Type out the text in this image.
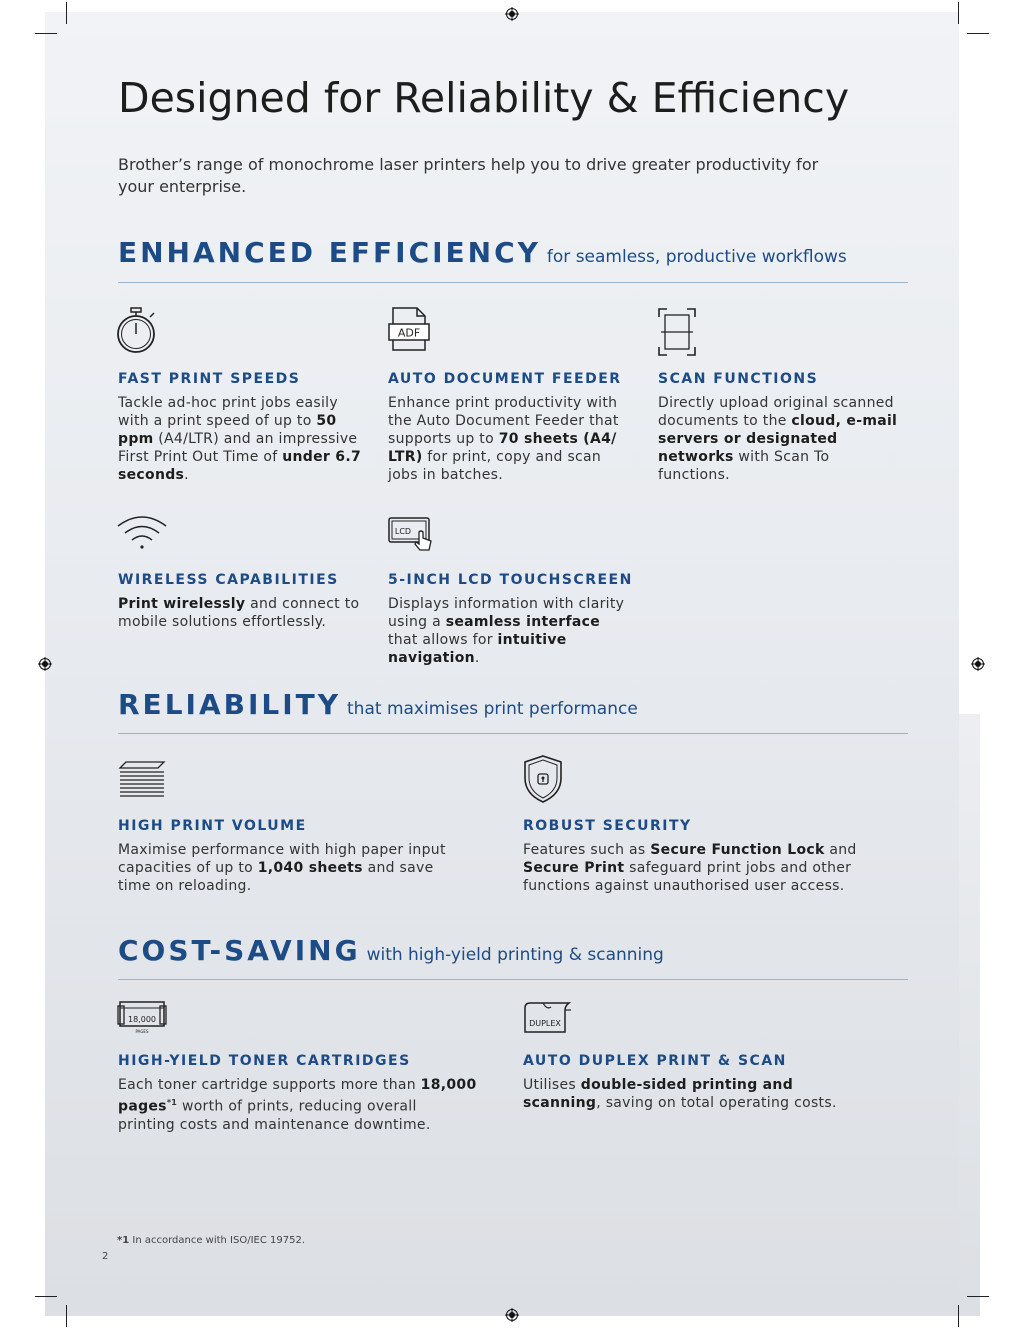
Designed for Reliability & Efficiency
Brother’s range of monochrome laser printers help you to drive greater productivity for your enterprise.
ENHANCED EFFICIENCY for seamless, productive workflows
FAST PRINT SPEEDS
Tackle ad-hoc print jobs easily with a print speed of up to 50 ppm (A4/LTR) and an impressive First Print Out Time of under 6.7 seconds.
ADF
AUTO DOCUMENT FEEDER
Enhance print productivity with the Auto Document Feeder that supports up to 70 sheets (A4/ LTR) for print, copy and scan jobs in batches.
SCAN FUNCTIONS
Directly upload original scanned documents to the cloud, e-mail servers or designated networks with Scan To functions.
WIRELESS CAPABILITIES
Print wirelessly and connect to mobile solutions effortlessly.
LCD
5-INCH LCD TOUCHSCREEN
Displays information with clarity using a seamless interface that allows for intuitive navigation.
RELIABILITY that maximises print performance
HIGH PRINT VOLUME
Maximise performance with high paper input capacities of up to 1,040 sheets and save time on reloading.
ROBUST SECURITY
Features such as Secure Function Lock and Secure Print safeguard print jobs and other functions against unauthorised user access.
COST-SAVING with high-yield printing & scanning
18,000
PAGES
HIGH-YIELD TONER CARTRIDGES
Each toner cartridge supports more than 18,000 pages$^{*1}$ worth of prints, reducing overall printing costs and maintenance downtime.
DUPLEX
AUTO DUPLEX PRINT & SCAN
Utilises double-sided printing and scanning, saving on total operating costs.
*1 In accordance with ISO/IEC 19752.
2
